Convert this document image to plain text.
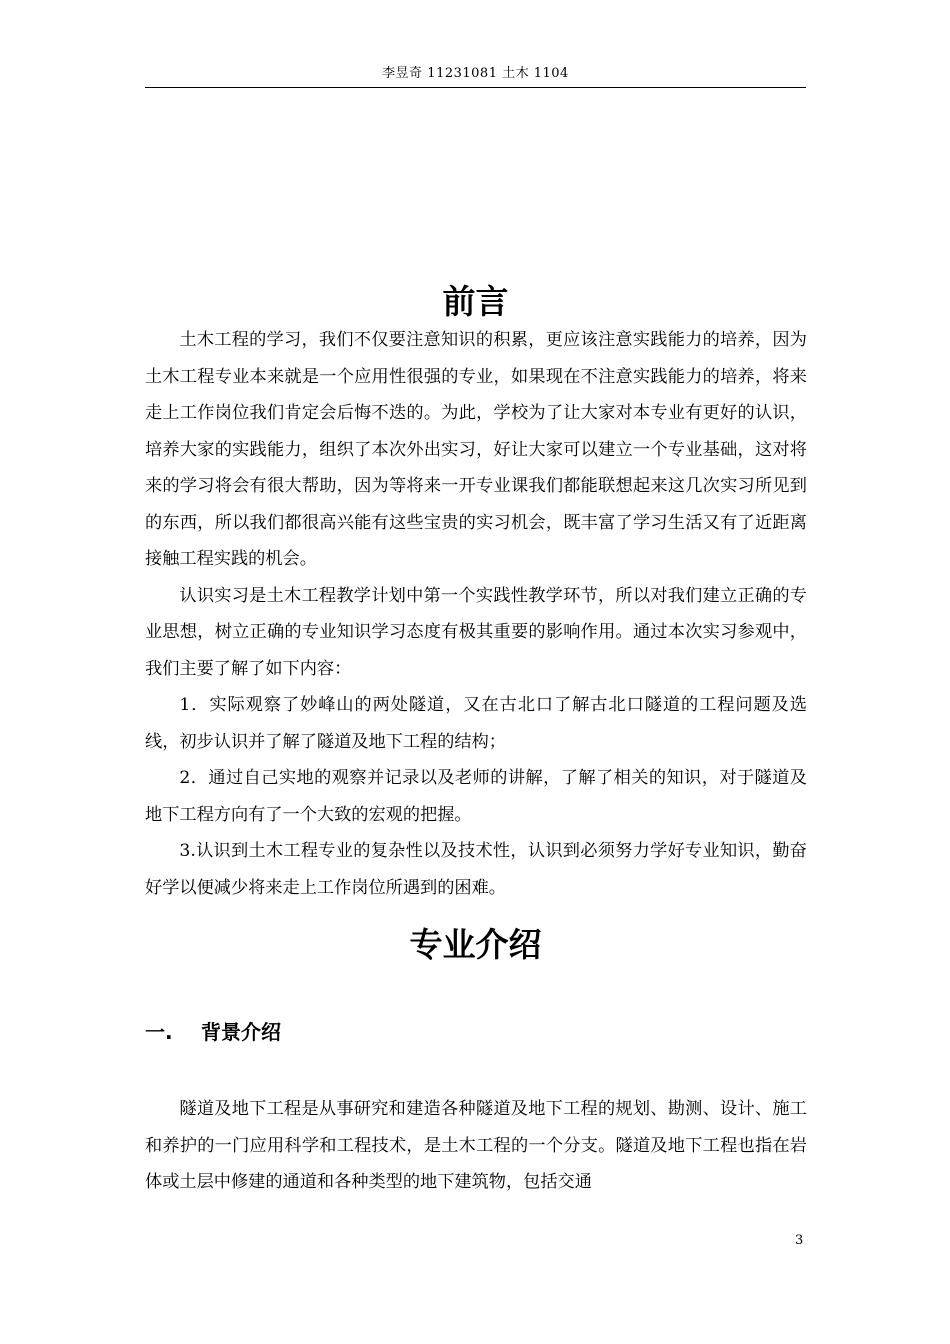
李昱奇 11231081 土木 1104
前言

土木工程的学习，我们不仅要注意知识的积累，更应该注意实践能力的培养，因为土木工程专业本来就是一个应用性很强的专业，如果现在不注意实践能力的培养，将来走上工作岗位我们肯定会后悔不迭的。为此，学校为了让大家对本专业有更好的认识，培养大家的实践能力，组织了本次外出实习，好让大家可以建立一个专业基础，这对将来的学习将会有很大帮助，因为等将来一开专业课我们都能联想起来这几次实习所见到的东西，所以我们都很高兴能有这些宝贵的实习机会，既丰富了学习生活又有了近距离接触工程实践的机会。

认识实习是土木工程教学计划中第一个实践性教学环节，所以对我们建立正确的专业思想，树立正确的专业知识学习态度有极其重要的影响作用。通过本次实习参观中，我们主要了解了如下内容：

1．实际观察了妙峰山的两处隧道，又在古北口了解古北口隧道的工程问题及选线，初步认识并了解了隧道及地下工程的结构；

2．通过自己实地的观察并记录以及老师的讲解，了解了相关的知识，对于隧道及地下工程方向有了一个大致的宏观的把握。

3.认识到土木工程专业的复杂性以及技术性，认识到必须努力学好专业知识，勤奋好学以便减少将来走上工作岗位所遇到的困难。

专业介绍
一. 背景介绍

隧道及地下工程是从事研究和建造各种隧道及地下工程的规划、勘测、设计、施工和养护的一门应用科学和工程技术，是土木工程的一个分支。隧道及地下工程也指在岩体或土层中修建的通道和各种类型的地下建筑物，包括交通

3
